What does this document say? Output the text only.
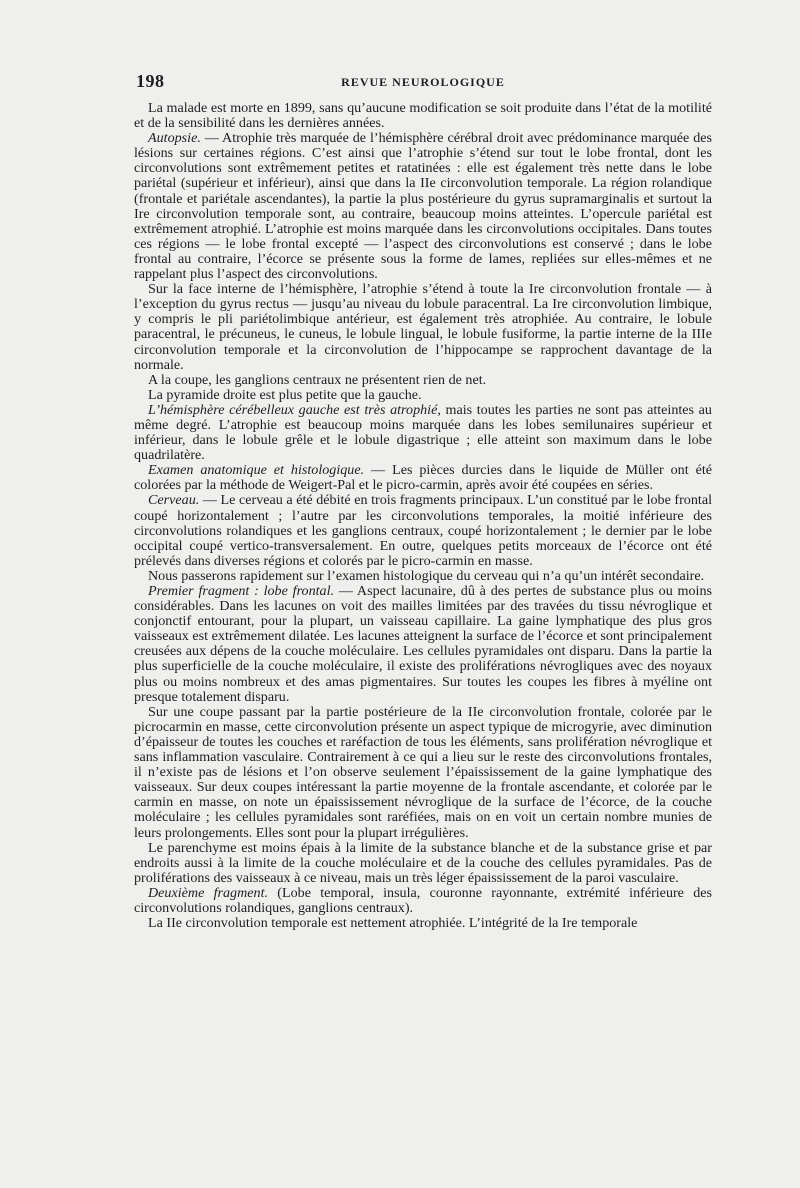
198	REVUE NEUROLOGIQUE

La malade est morte en 1899, sans qu’aucune modification se soit produite dans l’état de la motilité et de la sensibilité dans les dernières années.

Autopsie. — Atrophie très marquée de l’hémisphère cérébral droit avec prédominance marquée des lésions sur certaines régions. C’est ainsi que l’atrophie s’étend sur tout le lobe frontal, dont les circonvolutions sont extrêmement petites et ratatinées : elle est également très nette dans le lobe pariétal (supérieur et inférieur), ainsi que dans la IIe circonvolution temporale. La région rolandique (frontale et pariétale ascendantes), la partie la plus postérieure du gyrus supramarginalis et surtout la Ire circonvolution temporale sont, au contraire, beaucoup moins atteintes. L’opercule pariétal est extrêmement atrophié. L’atrophie est moins marquée dans les circonvolutions occipitales. Dans toutes ces régions — le lobe frontal excepté — l’aspect des circonvolutions est conservé ; dans le lobe frontal au contraire, l’écorce se présente sous la forme de lames, repliées sur elles-mêmes et ne rappelant plus l’aspect des circonvolutions.

Sur la face interne de l’hémisphère, l’atrophie s’étend à toute la Ire circonvolution frontale — à l’exception du gyrus rectus — jusqu’au niveau du lobule paracentral. La Ire circonvolution limbique, y compris le pli pariétolimbique antérieur, est également très atrophiée. Au contraire, le lobule paracentral, le précuneus, le cuneus, le lobule lingual, le lobule fusiforme, la partie interne de la IIIe circonvolution temporale et la circonvolution de l’hippocampe se rapprochent davantage de la normale.

A la coupe, les ganglions centraux ne présentent rien de net.

La pyramide droite est plus petite que la gauche.

L’hémisphère cérébelleux gauche est très atrophié, mais toutes les parties ne sont pas atteintes au même degré. L’atrophie est beaucoup moins marquée dans les lobes semilunaires supérieur et inférieur, dans le lobule grêle et le lobule digastrique ; elle atteint son maximum dans le lobe quadrilatère.

Examen anatomique et histologique. — Les pièces durcies dans le liquide de Müller ont été colorées par la méthode de Weigert-Pal et le picro-carmin, après avoir été coupées en séries.

Cerveau. — Le cerveau a été débité en trois fragments principaux. L’un constitué par le lobe frontal coupé horizontalement ; l’autre par les circonvolutions temporales, la moitié inférieure des circonvolutions rolandiques et les ganglions centraux, coupé horizontalement ; le dernier par le lobe occipital coupé vertico-transversalement. En outre, quelques petits morceaux de l’écorce ont été prélevés dans diverses régions et colorés par le picro-carmin en masse.

Nous passerons rapidement sur l’examen histologique du cerveau qui n’a qu’un intérêt secondaire.

Premier fragment : lobe frontal. — Aspect lacunaire, dû à des pertes de substance plus ou moins considérables. Dans les lacunes on voit des mailles limitées par des travées du tissu névroglique et conjonctif entourant, pour la plupart, un vaisseau capillaire. La gaine lymphatique des plus gros vaisseaux est extrêmement dilatée. Les lacunes atteignent la surface de l’écorce et sont principalement creusées aux dépens de la couche moléculaire. Les cellules pyramidales ont disparu. Dans la partie la plus superficielle de la couche moléculaire, il existe des proliférations névrogliques avec des noyaux plus ou moins nombreux et des amas pigmentaires. Sur toutes les coupes les fibres à myéline ont presque totalement disparu.

Sur une coupe passant par la partie postérieure de la IIe circonvolution frontale, colorée par le picrocarmin en masse, cette circonvolution présente un aspect typique de microgyrie, avec diminution d’épaisseur de toutes les couches et raréfaction de tous les éléments, sans prolifération névroglique et sans inflammation vasculaire. Contrairement à ce qui a lieu sur le reste des circonvolutions frontales, il n’existe pas de lésions et l’on observe seulement l’épaississement de la gaine lymphatique des vaisseaux. Sur deux coupes intéressant la partie moyenne de la frontale ascendante, et colorée par le carmin en masse, on note un épaississement névroglique de la surface de l’écorce, de la couche moléculaire ; les cellules pyramidales sont raréfiées, mais on en voit un certain nombre munies de leurs prolongements. Elles sont pour la plupart irrégulières.

Le parenchyme est moins épais à la limite de la substance blanche et de la substance grise et par endroits aussi à la limite de la couche moléculaire et de la couche des cellules pyramidales. Pas de proliférations des vaisseaux à ce niveau, mais un très léger épaississement de la paroi vasculaire.

Deuxième fragment. (Lobe temporal, insula, couronne rayonnante, extrémité inférieure des circonvolutions rolandiques, ganglions centraux).

La IIe circonvolution temporale est nettement atrophiée. L’intégrité de la Ire temporale
